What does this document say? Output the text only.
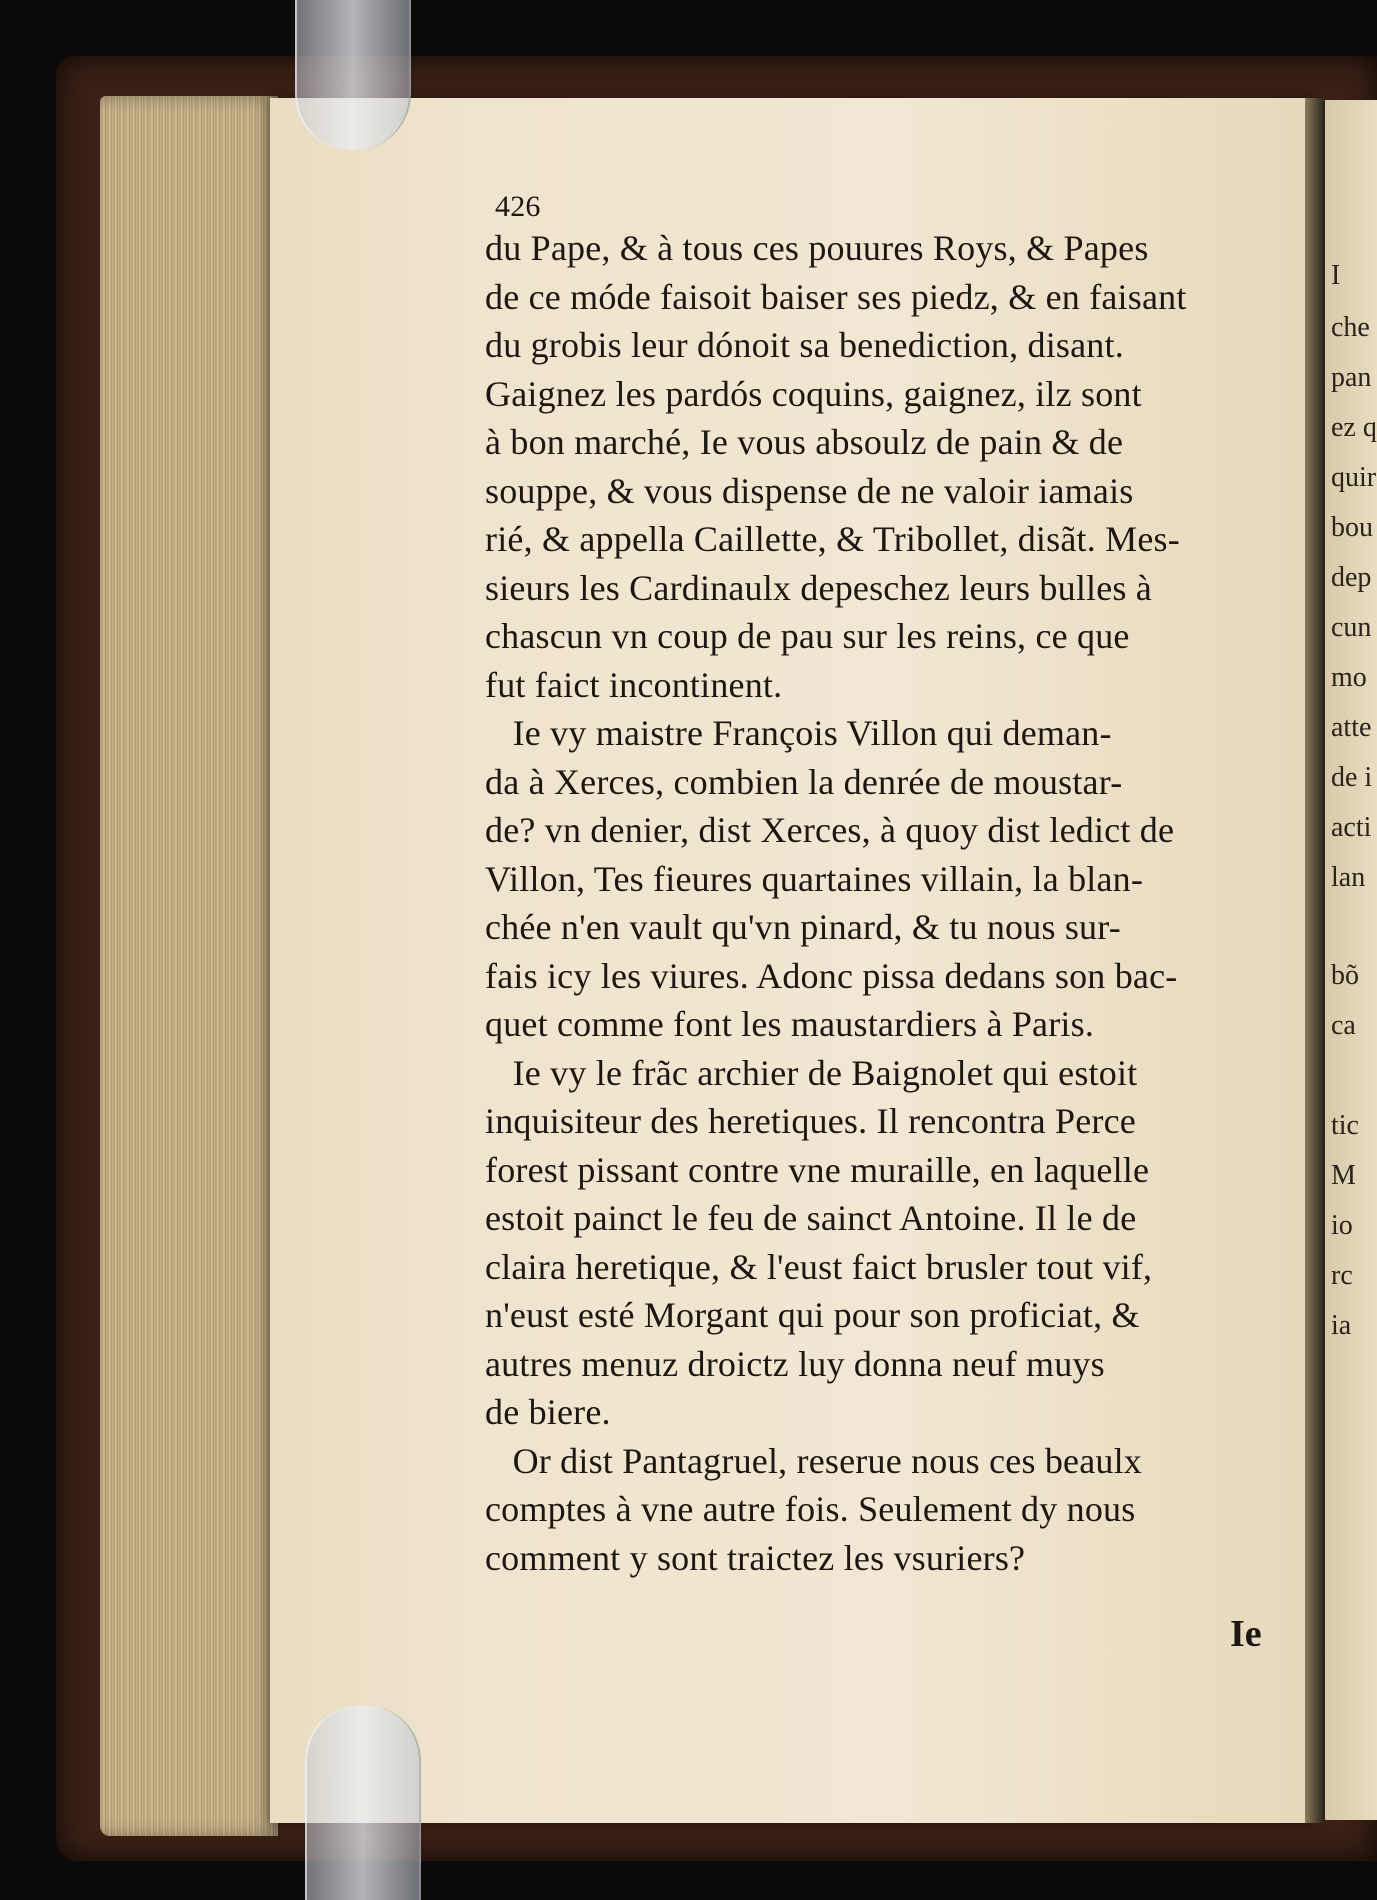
I
che
pan
ez q
quir
bou
dep
cun
mo
atte
de i
acti
lan
bõ
ca
tic
M
io
rc
ia
426
du Pape, & à tous ces pouures Roys, & Papes
de ce móde faisoit baiser ses piedz, & en faisant
du grobis leur dónoit sa benediction, disant.
Gaignez les pardós coquins, gaignez, ilz sont
à bon marché, Ie vous absoulz de pain & de
souppe, & vous dispense de ne valoir iamais
rié, & appella Caillette, & Tribollet, disãt. Mes-
sieurs les Cardinaulx depeschez leurs bulles à
chascun vn coup de pau sur les reins, ce que
fut faict incontinent.
Ie vy maistre François Villon qui deman-
da à Xerces, combien la denrée de moustar-
de? vn denier, dist Xerces, à quoy dist ledict de
Villon, Tes fieures quartaines villain, la blan-
chée n'en vault qu'vn pinard, & tu nous sur-
fais icy les viures. Adonc pissa dedans son bac-
quet comme font les maustardiers à Paris.
Ie vy le frãc archier de Baignolet qui estoit
inquisiteur des heretiques. Il rencontra Perce
forest pissant contre vne muraille, en laquelle
estoit painct le feu de sainct Antoine. Il le de
claira heretique, & l'eust faict brusler tout vif,
n'eust esté Morgant qui pour son proficiat, &
autres menuz droictz luy donna neuf muys
de biere.
Or dist Pantagruel, reserue nous ces beaulx
comptes à vne autre fois. Seulement dy nous
comment y sont traictez les vsuriers?
Ie
